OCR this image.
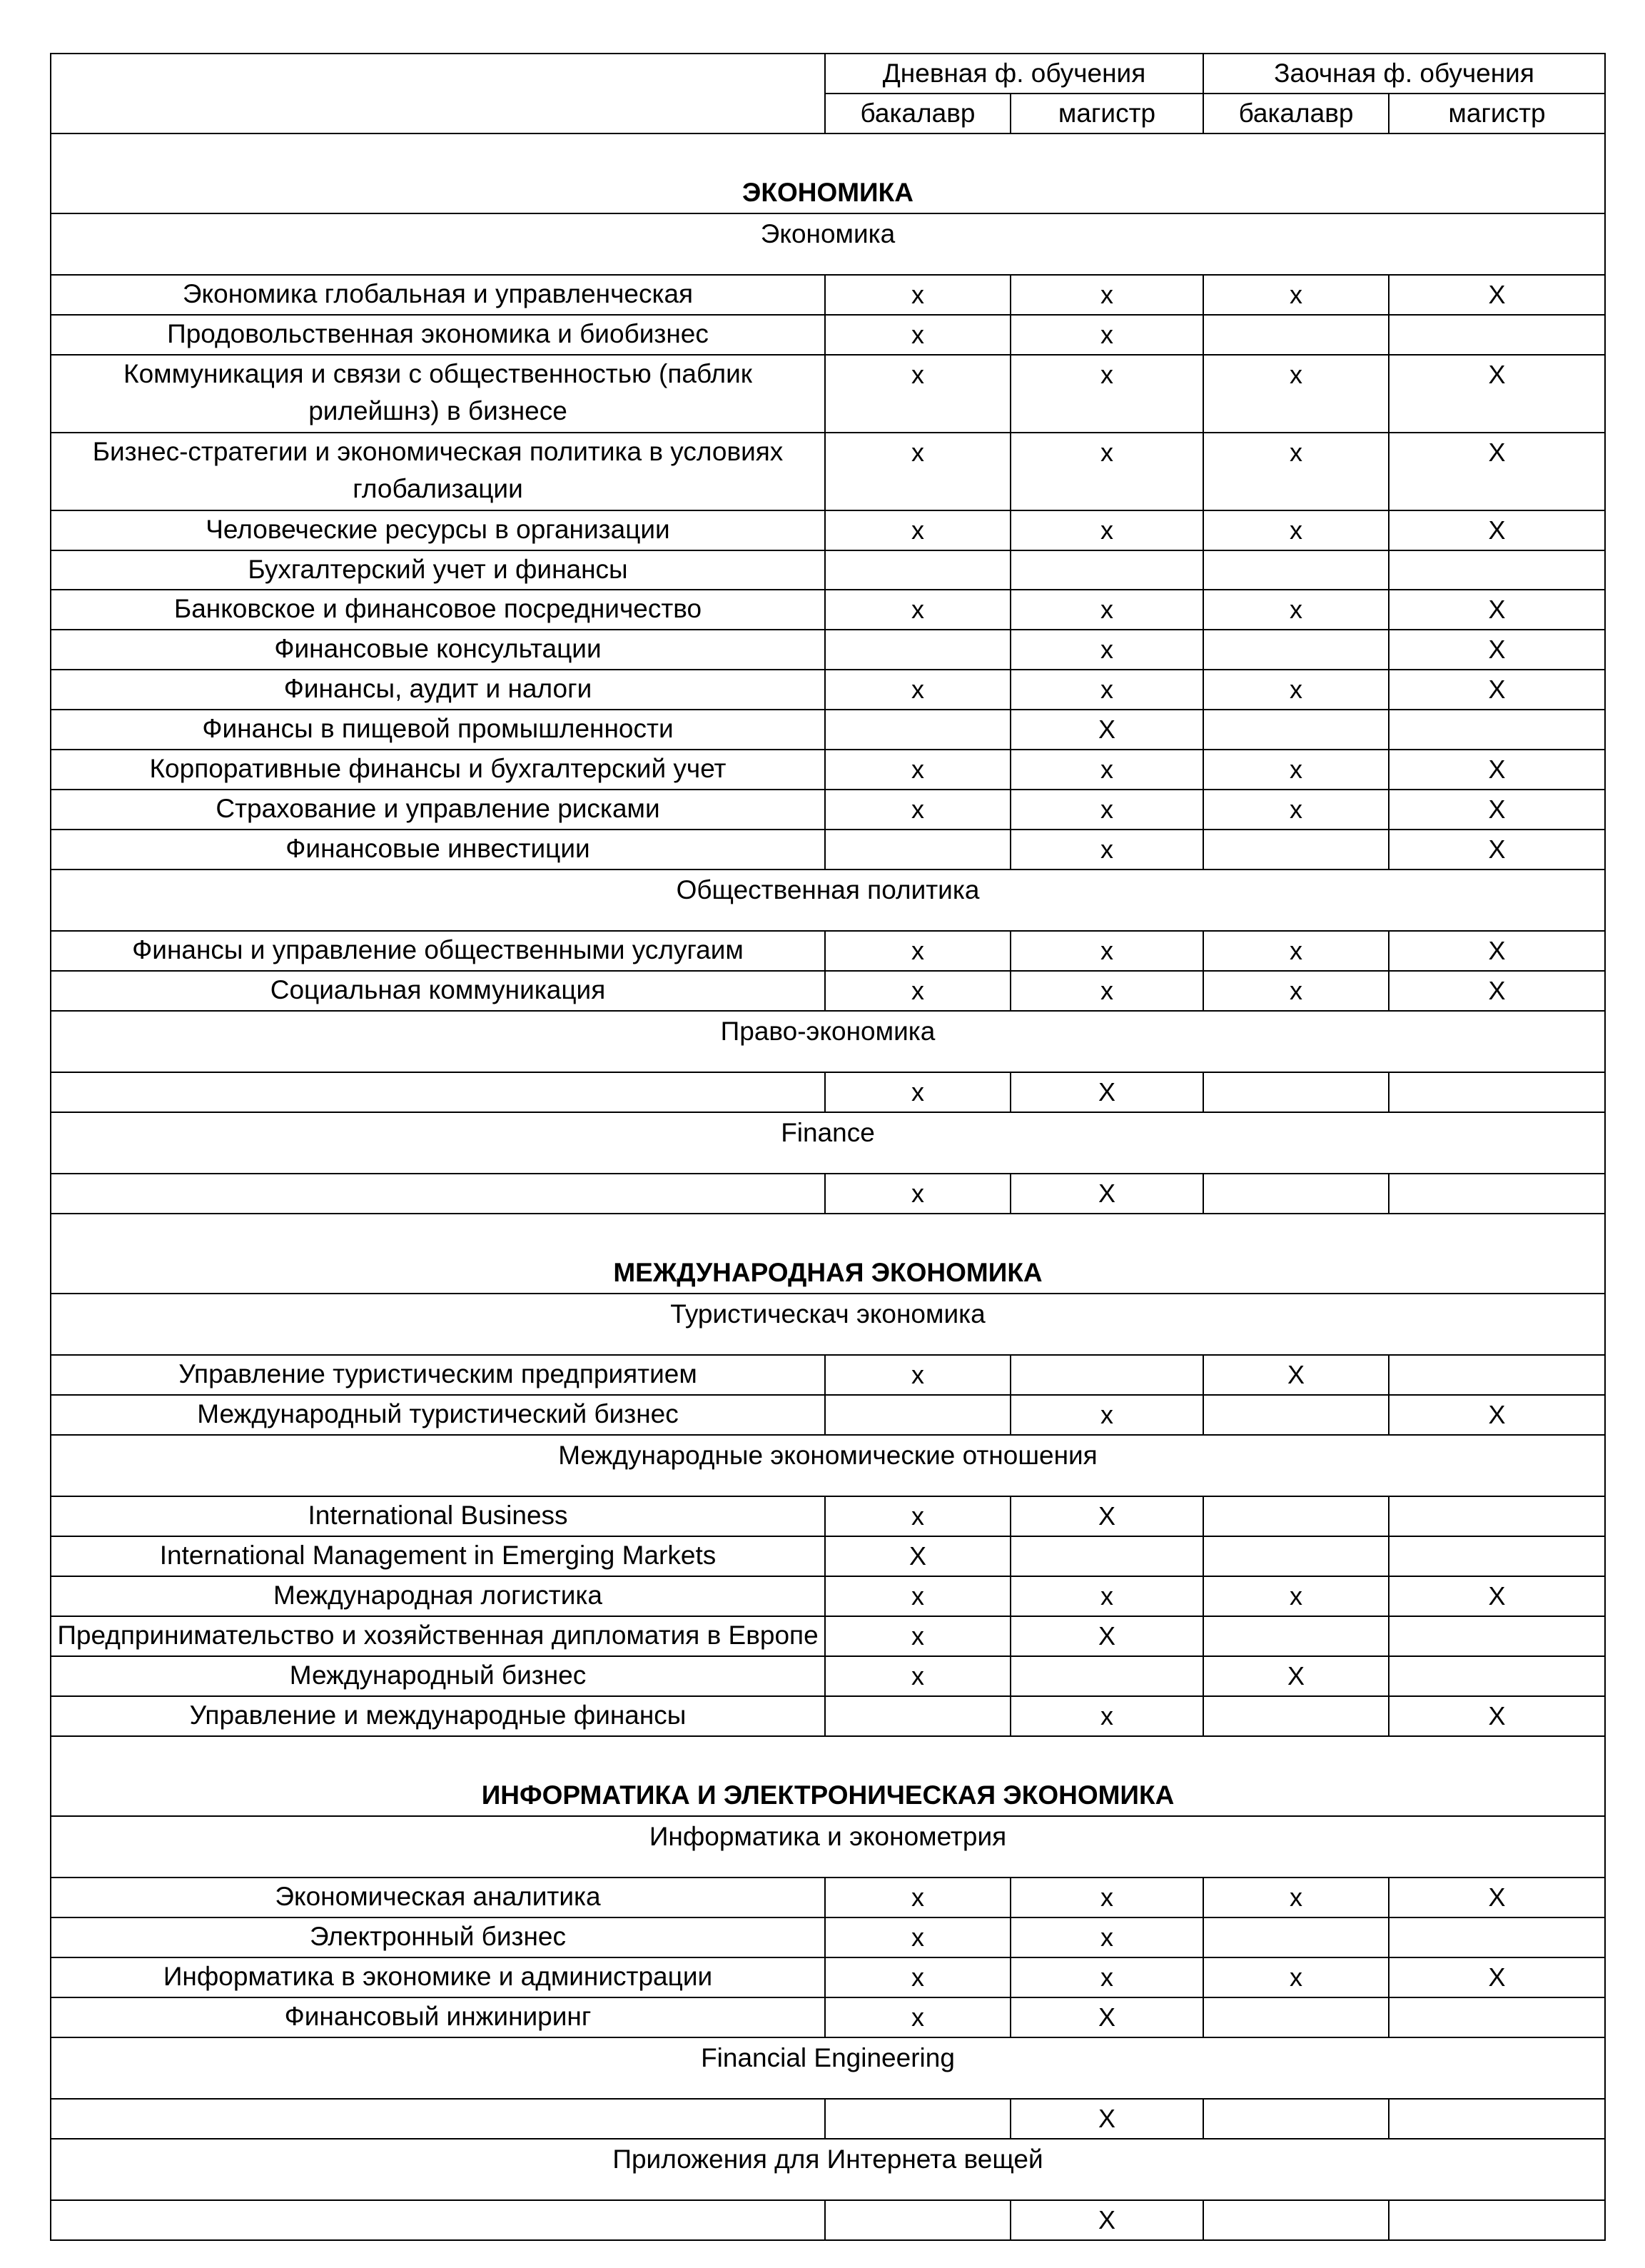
	Дневная ф. обучения		Заочная ф. обучения	
	бакалавр	магистр	бакалавр	магистр
ЭКОНОМИКА				
Экономика				
Экономика глобальная и управленческая	x	x	x	X
Продовольственная экономика и биобизнес	x	x		
Коммуникация и связи с общественностью (паблик рилейшнз) в бизнесе	x	x	x	X
Бизнес-стратегии и экономическая политика в условиях глобализации	x	x	x	X
Человеческие ресурсы в организации	x	x	x	X
Бухгалтерский учет и финансы				
Банковское и финансовое посредничество	x	x	x	X
Финансовые консультации		x		X
Финансы, аудит и налоги	x	x	x	X
Финансы в пищевой промышленности		X		
Корпоративные финансы и бухгалтерский учет	x	x	x	X
Страхование и управление рисками	x	x	x	X
Финансовые инвестиции		x		X
Общественная политика				
Финансы и управление общественными услугаим	x	x	x	X
Социальная коммуникация	x	x	x	X
Право-экономика				
	x	X		
Finance				
	x	X		
МЕЖДУНАРОДНАЯ ЭКОНОМИКА				
Туристическач экономика				
Управление туристическим предприятием	x		X	
Международный туристический бизнес		x		X
Международные экономические отношения				
International Business	x	X		
International Management in Emerging Markets	X			
Международная логистика	x	x	x	X
Предпринимательство и хозяйственная дипломатия в Европе	x	X		
Международный бизнес	x		X	
Управление и международные финансы		x		X
ИНФОРМАТИКА И ЭЛЕКТРОНИЧЕСКАЯ ЭКОНОМИКА				
Информатика и эконометрия				
Экономическая аналитика	x	x	x	X
Электронный бизнес	x	x		
Информатика в экономике и администрации	x	x	x	X
Финансовый инжиниринг	x	X		
Financial Engineering				
		X		
Приложения для Интернета вещей				
		X		
